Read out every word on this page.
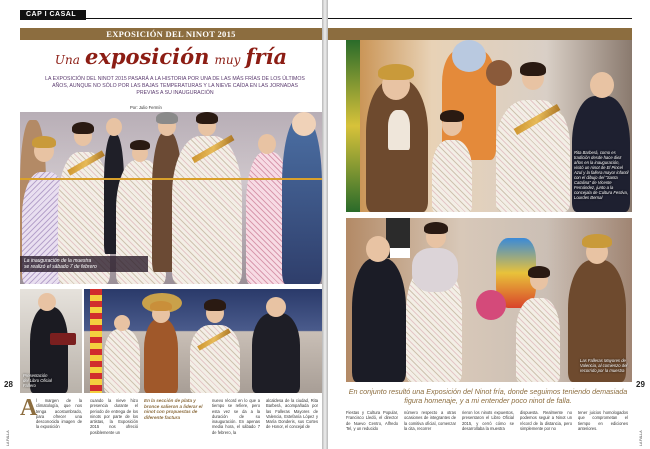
CAP I CASAL
EXPOSICIÓN DEL NINOT 2015
Una exposición muy fría
LA EXPOSICIÓN DEL NINOT 2015 PASARÁ A LA HISTORIA POR UNA DE LAS MÁS FRÍAS DE LOS ÚLTIMOS AÑOS, AUNQUE NO SÓLO POR LAS BAJAS TEMPERATURAS Y LA NIEVE CAÍDA EN LAS JORNADAS PREVIAS A SU INAUGURACIÓN
Por: Julio Fermín
La inauguración de la muestra
se realizó el sábado 7 de febrero
Presentación
del Libro Oficial
Fallero
A
l margen de la climatología, que nos tenga acostumbrado, para ofrecer una desconocida imagen de la exposición
cuando la nieve hizo presencia durante el periodo de entrega de los ninots por parte de los artistas, la Exposición 2015 nos ofreció posiblemente un
En la sección de plata y bronce salieron a liderar el ninot con propuestas de diferente factura
nuevo récord en lo que a tiempo se refiere, pero esta vez se da a la duración de su inauguración. En apenas media hora, el sábado 7 de febrero, la
alcaldesa de la ciudad, Rita Barberá, acompañada por las Falleras Mayores de Valencia, Estefanía López y María Donderis, sus Cortes de Honor, el concejal de
28
LA FALLA
Rita Barberá, como es tradición desde hace diez años en la inauguración, visitó un ninot de El Pincel Azul y la fallera mayor infantil con el dibujo del “Santa Catalina” de Vicente Fernández, junto a la concejala de Cultura Festiva, Lourdes Bernal
Las Falleras Mayores de Valencia, al comienzo del recorrido por la muestra
En conjunto resultó una Exposición del Ninot fría, donde seguimos teniendo demasiada figura homenaje, y a mi entender poco ninot de falla.
Fiestas y Cultura Popular, Francisco Lledó, el director de Nuevo Centro, Alfredo Tel, y un reducido
número respecto a otras ocasiones de integrantes de la comitiva oficial, comenzar la cita, recorrer
rieron los ninots expuestos, presentaron el Libro Oficial 2015, y cerró cómo se desarrollaba la muestra
dispuesta. Realmente no podemos seguir a Ninot un récord de la distancia, pero simplemente por no
tener juicios homologados que comprometan el tiempo en ediciones anteriores.
29
LA FALLA
